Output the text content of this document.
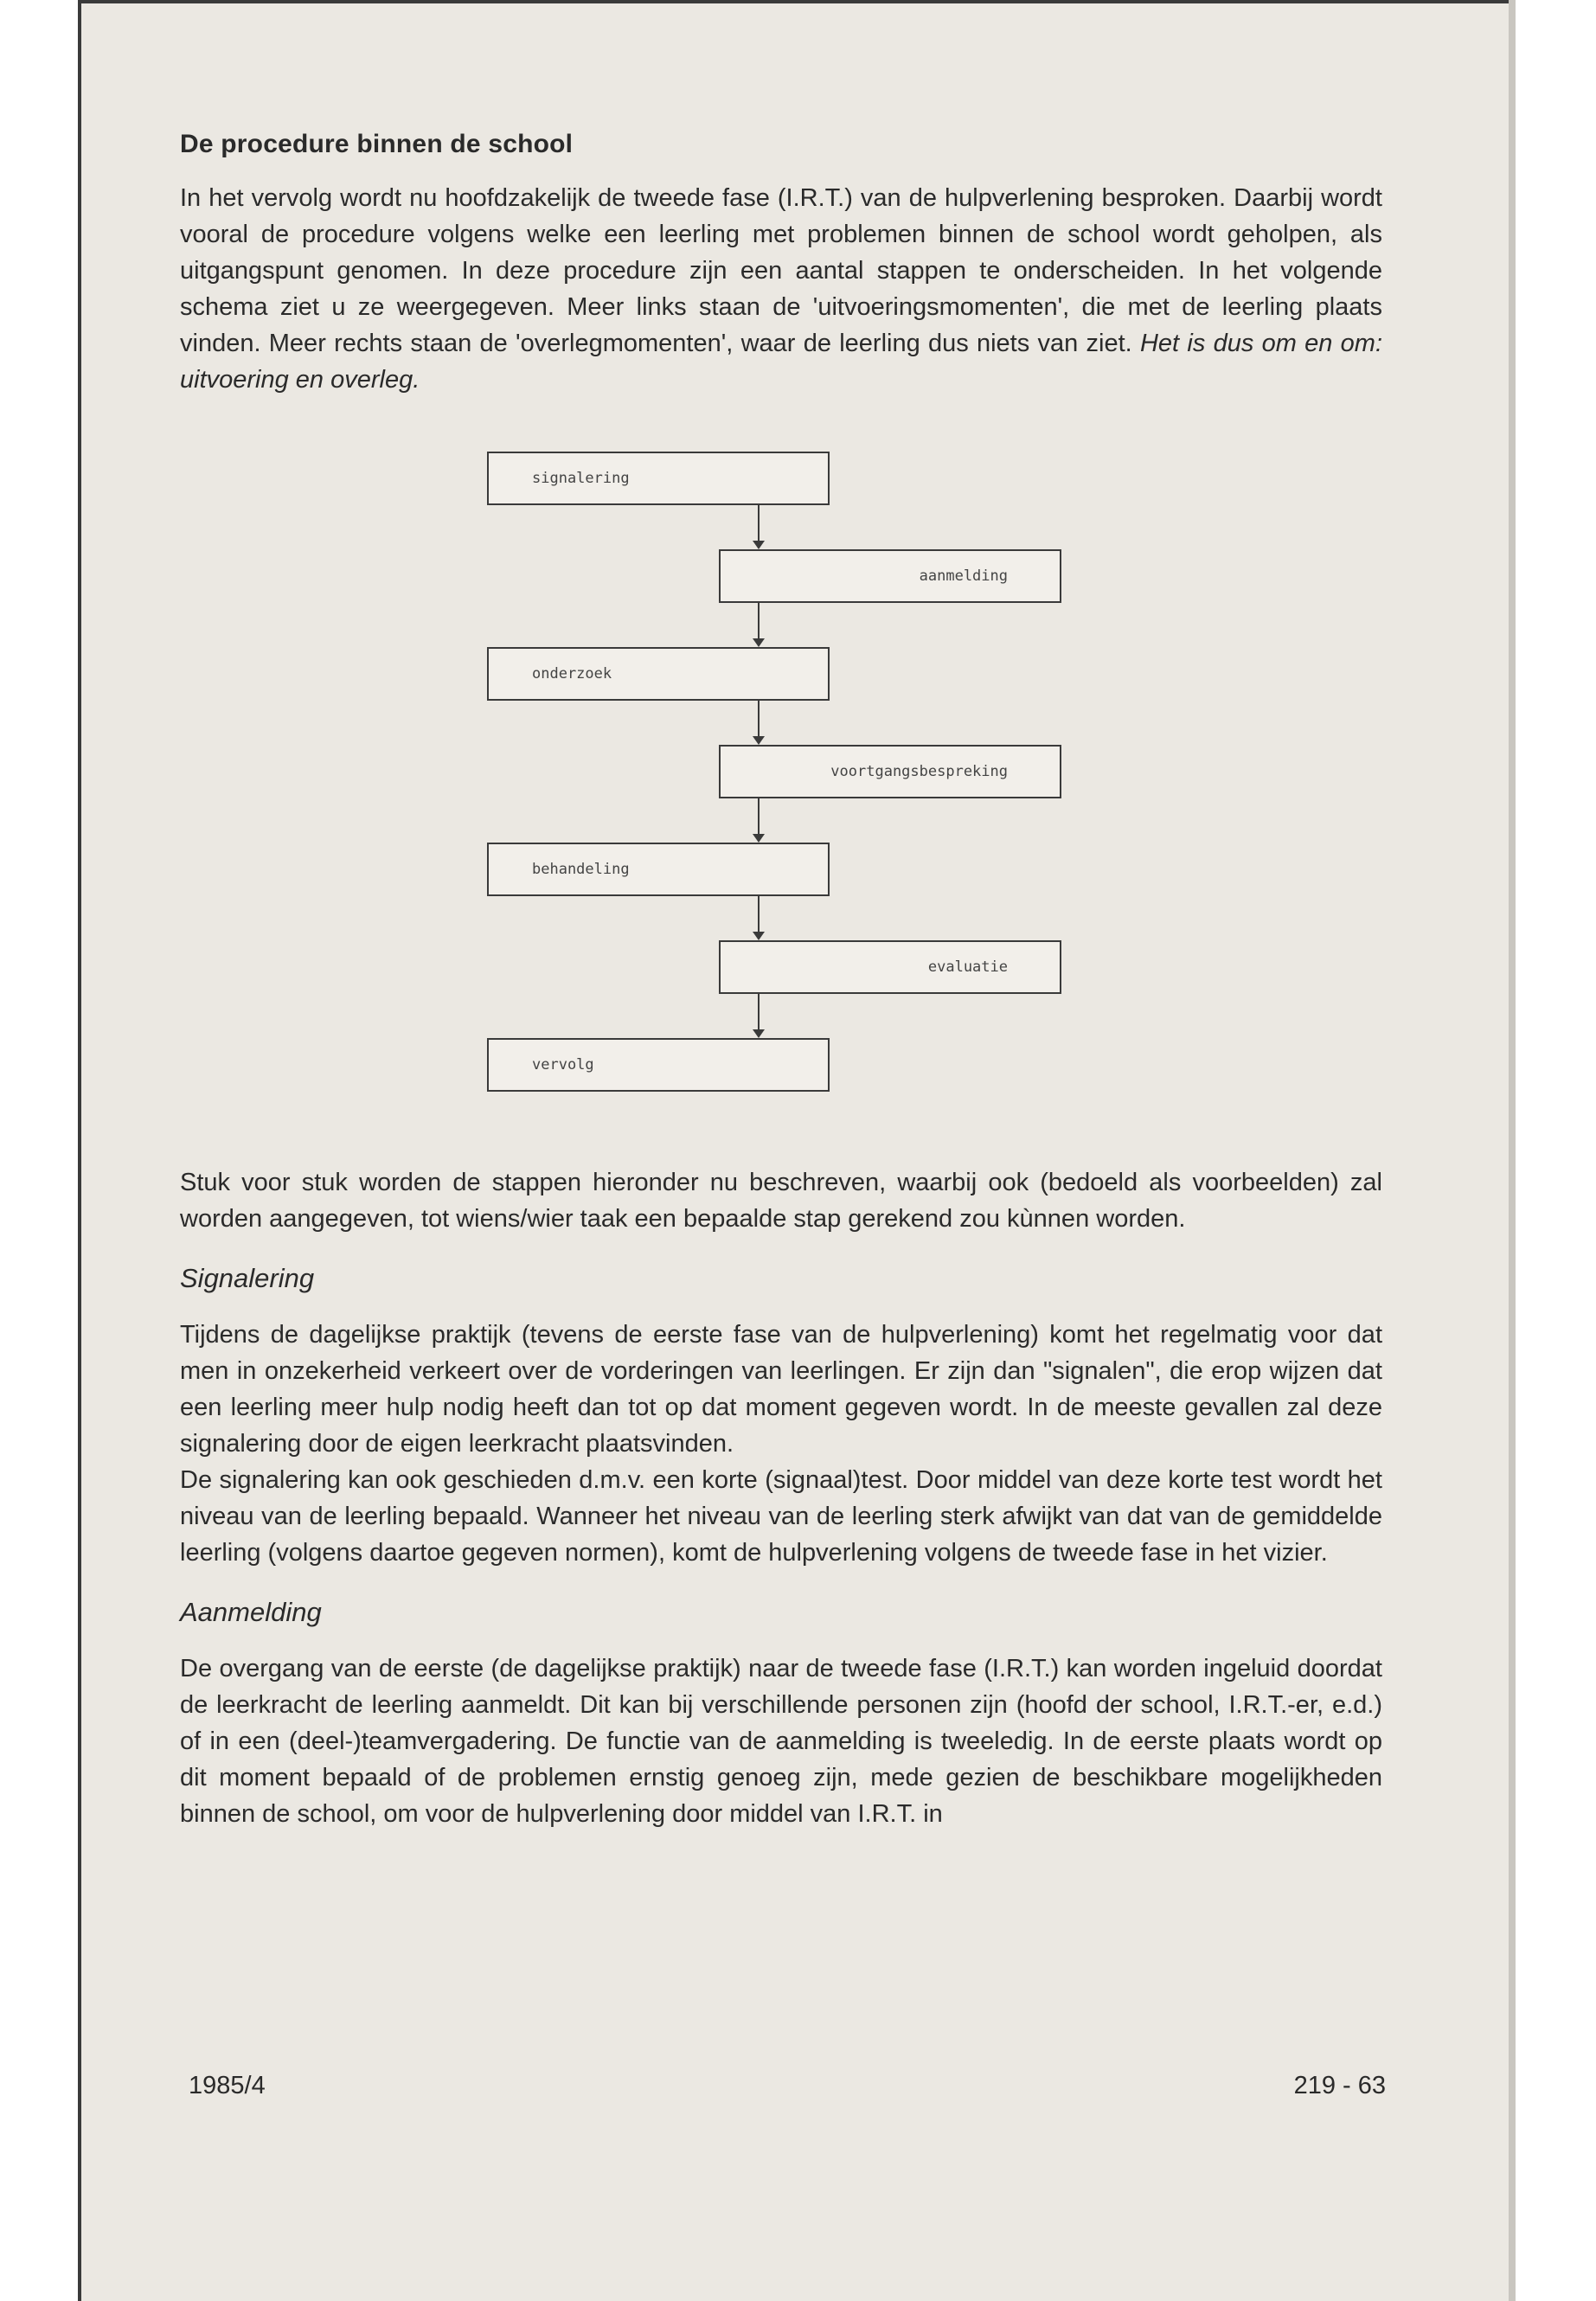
De procedure binnen de school

In het vervolg wordt nu hoofdzakelijk de tweede fase (I.R.T.) van de hulpverlening besproken. Daarbij wordt vooral de procedure volgens welke een leerling met problemen binnen de school wordt geholpen, als uitgangspunt genomen. In deze procedure zijn een aantal stappen te onderscheiden. In het volgende schema ziet u ze weergegeven. Meer links staan de 'uitvoeringsmomenten', die met de leerling plaats vinden. Meer rechts staan de 'overlegmomenten', waar de leerling dus niets van ziet. Het is dus om en om: uitvoering en overleg.

signalering
aanmelding
onderzoek
voortgangsbespreking
behandeling
evaluatie
vervolg

Stuk voor stuk worden de stappen hieronder nu beschreven, waarbij ook (bedoeld als voorbeelden) zal worden aangegeven, tot wiens/wier taak een bepaalde stap gerekend zou kùnnen worden.

Signalering

Tijdens de dagelijkse praktijk (tevens de eerste fase van de hulpverlening) komt het regelmatig voor dat men in onzekerheid verkeert over de vorderingen van leerlingen. Er zijn dan "signalen", die erop wijzen dat een leerling meer hulp nodig heeft dan tot op dat moment gegeven wordt. In de meeste gevallen zal deze signalering door de eigen leerkracht plaatsvinden.

De signalering kan ook geschieden d.m.v. een korte (signaal)test. Door middel van deze korte test wordt het niveau van de leerling bepaald. Wanneer het niveau van de leerling sterk afwijkt van dat van de gemiddelde leerling (volgens daartoe gegeven normen), komt de hulpverlening volgens de tweede fase in het vizier.

Aanmelding

De overgang van de eerste (de dagelijkse praktijk) naar de tweede fase (I.R.T.) kan worden ingeluid doordat de leerkracht de leerling aanmeldt. Dit kan bij verschillende personen zijn (hoofd der school, I.R.T.-er, e.d.) of in een (deel-)teamvergadering. De functie van de aanmelding is tweeledig. In de eerste plaats wordt op dit moment bepaald of de problemen ernstig genoeg zijn, mede gezien de beschikbare mogelijkheden binnen de school, om voor de hulpverlening door middel van I.R.T. in

1985/4	219 - 63
